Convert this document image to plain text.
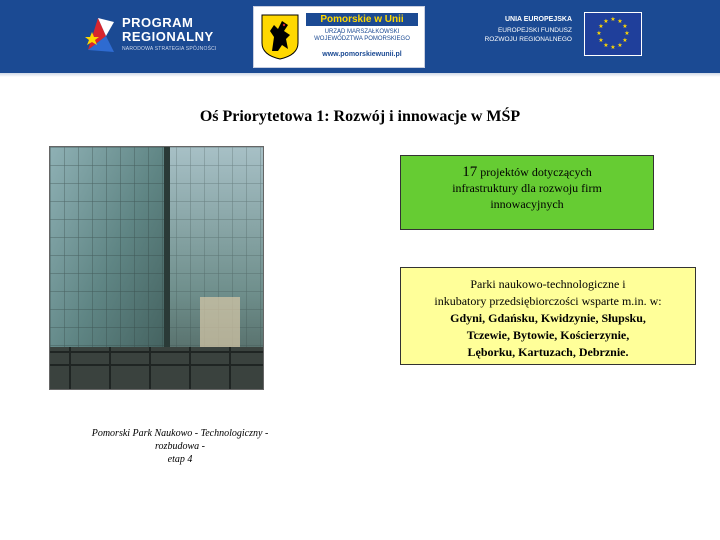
PROGRAM
REGIONALNY
NARODOWA STRATEGIA SPÓJNOŚCI
Pomorskie w Unii
URZĄD MARSZAŁKOWSKI
WOJEWÓDZTWA POMORSKIEGO
www.pomorskiewunii.pl
UNIA EUROPEJSKA
EUROPEJSKI FUNDUSZ
ROZWOJU REGIONALNEGO
★ ★
★
★
★
★
★
★
★
★
★
★
Oś Priorytetowa 1: Rozwój i innowacje w MŚP
Pomorski Park Naukowo - Technologiczny - rozbudowa -
etap 4
17 projektów dotyczących
infrastruktury dla rozwoju firm
innowacyjnych
Parki naukowo-technologiczne i
inkubatory przedsiębiorczości wsparte m.in. w:
Gdyni, Gdańsku, Kwidzynie, Słupsku,
Tczewie, Bytowie, Kościerzynie,
Lęborku, Kartuzach, Debrznie.
